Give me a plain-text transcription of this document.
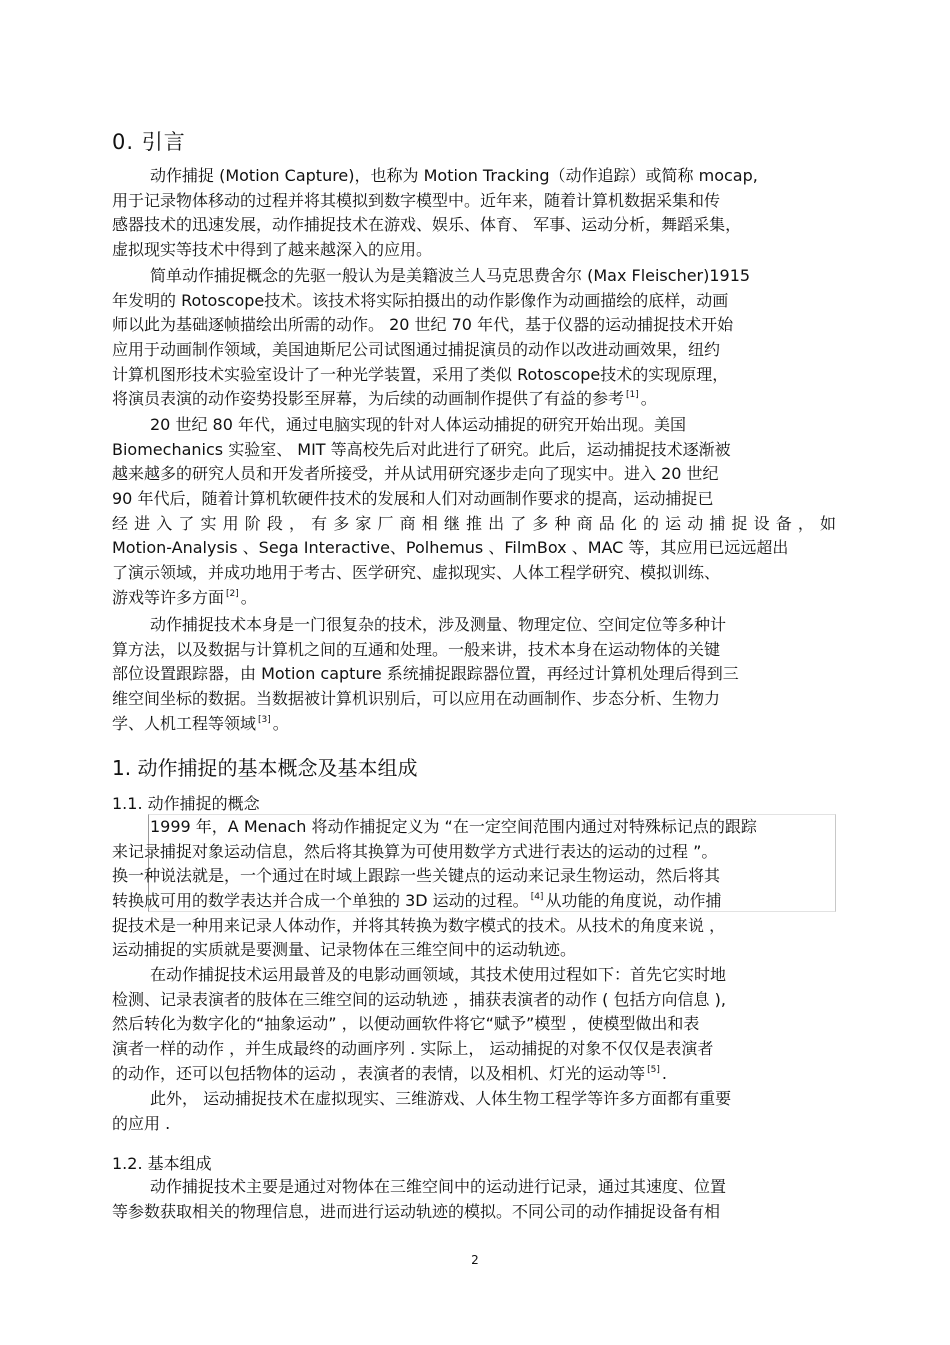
0. 引言
动作捕捉 (Motion Capture)，也称为 Motion Tracking（动作追踪）或简称 mocap,
用于记录物体移动的过程并将其模拟到数字模型中。近年来，随着计算机数据采集和传
感器技术的迅速发展，动作捕捉技术在游戏、娱乐、体育、 军事、运动分析，舞蹈采集，
虚拟现实等技术中得到了越来越深入的应用。
简单动作捕捉概念的先驱一般认为是美籍波兰人马克思费舍尔 (Max Fleischer)1915
年发明的 Rotoscope技术。该技术将实际拍摄出的动作影像作为动画描绘的底样，动画
师以此为基础逐帧描绘出所需的动作。 20 世纪 70 年代，基于仪器的运动捕捉技术开始
应用于动画制作领域，美国迪斯尼公司试图通过捕捉演员的动作以改进动画效果，纽约
计算机图形技术实验室设计了一种光学装置，采用了类似 Rotoscope技术的实现原理，
将演员表演的动作姿势投影至屏幕，为后续的动画制作提供了有益的参考 [1] 。
20 世纪 80 年代，通过电脑实现的针对人体运动捕捉的研究开始出现。美国
Biomechanics 实验室、 MIT 等高校先后对此进行了研究。此后，运动捕捉技术逐渐被
越来越多的研究人员和开发者所接受，并从试用研究逐步走向了现实中。进入 20 世纪
90 年代后，随着计算机软硬件技术的发展和人们对动画制作要求的提高，运动捕捉已
经进入了实用阶段，有多家厂商相继推出了多种商品化的运动捕捉设备，如
Motion-Analysis 、Sega Interactive、Polhemus 、FilmBox 、MAC 等，其应用已远远超出
了演示领域，并成功地用于考古、医学研究、虚拟现实、人体工程学研究、模拟训练、
游戏等许多方面 [2] 。
动作捕捉技术本身是一门很复杂的技术，涉及测量、物理定位、空间定位等多种计
算方法，以及数据与计算机之间的互通和处理。一般来讲，技术本身在运动物体的关键
部位设置跟踪器，由 Motion capture 系统捕捉跟踪器位置，再经过计算机处理后得到三
维空间坐标的数据。当数据被计算机识别后，可以应用在动画制作、步态分析、生物力
学、人机工程等领域 [3] 。
1. 动作捕捉的基本概念及基本组成
1.1. 动作捕捉的概念
1999 年，A Menach 将动作捕捉定义为 “在一定空间范围内通过对特殊标记点的跟踪
来记录捕捉对象运动信息，然后将其换算为可使用数学方式进行表达的运动的过程 ”。
换一种说法就是，一个通过在时域上跟踪一些关键点的运动来记录生物运动，然后将其
转换成可用的数学表达并合成一个单独的 3D 运动的过程。 [4] 从功能的角度说，动作捕
捉技术是一种用来记录人体动作，并将其转换为数字模式的技术。从技术的角度来说 ，
运动捕捉的实质就是要测量、记录物体在三维空间中的运动轨迹。
在动作捕捉技术运用最普及的电影动画领域，其技术使用过程如下：首先它实时地
检测、记录表演者的肢体在三维空间的运动轨迹 ，捕获表演者的动作 ( 包括方向信息 ),
然后转化为数字化的“抽象运动” ，以便动画软件将它“赋予”模型 ，使模型做出和表
演者一样的动作 ，并生成最终的动画序列 . 实际上， 运动捕捉的对象不仅仅是表演者
的动作，还可以包括物体的运动 ，表演者的表情，以及相机、灯光的运动等 [5] .
此外， 运动捕捉技术在虚拟现实、三维游戏、人体生物工程学等许多方面都有重要
的应用 .
1.2. 基本组成
动作捕捉技术主要是通过对物体在三维空间中的运动进行记录，通过其速度、位置
等参数获取相关的物理信息，进而进行运动轨迹的模拟。不同公司的动作捕捉设备有相
2
